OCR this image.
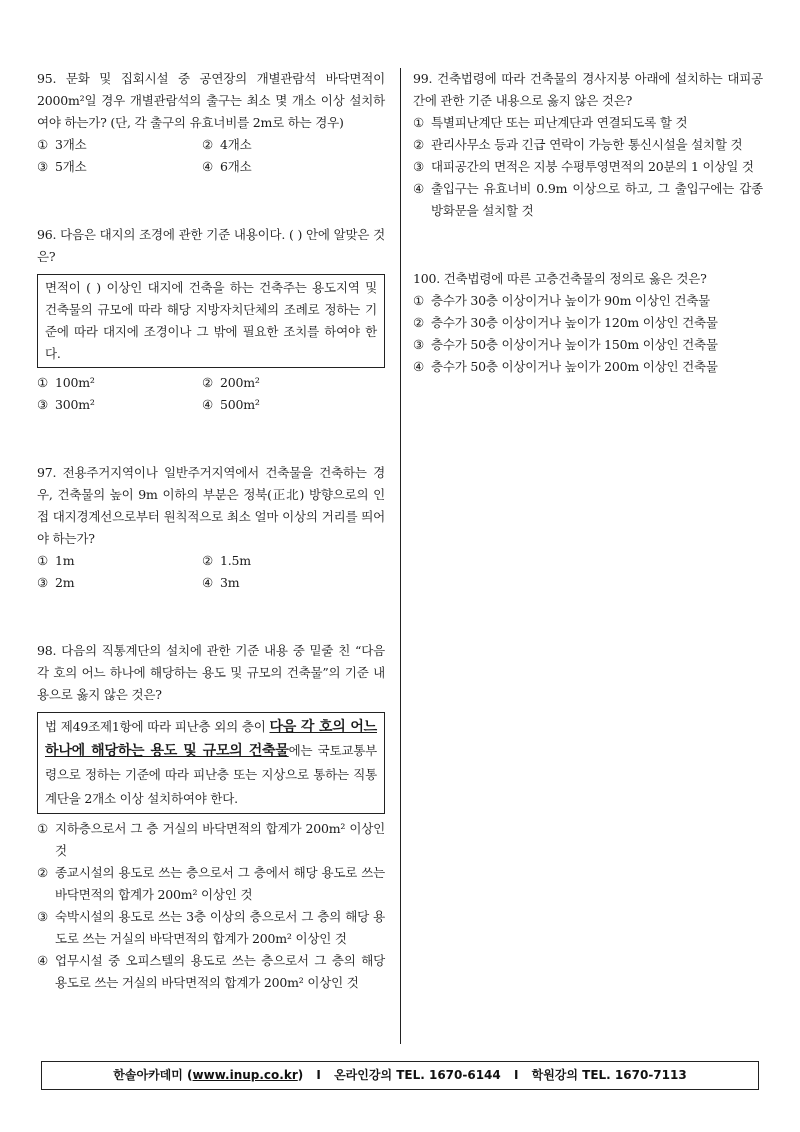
95. 문화 및 집회시설 중 공연장의 개별관람석 바닥면적이 2000m²일 경우 개별관람석의 출구는 최소 몇 개소 이상 설치하여야 하는가? (단, 각 출구의 유효너비를 2m로 하는 경우)

① 3개소	② 4개소
③ 5개소	④ 6개소

96. 다음은 대지의 조경에 관한 기준 내용이다. ( ) 안에 알맞은 것은?

면적이 ( ) 이상인 대지에 건축을 하는 건축주는 용도지역 및 건축물의 규모에 따라 해당 지방자치단체의 조례로 정하는 기준에 따라 대지에 조경이나 그 밖에 필요한 조치를 하여야 한다.
① 100m²	② 200m²
③ 300m²	④ 500m²

97. 전용주거지역이나 일반주거지역에서 건축물을 건축하는 경우, 건축물의 높이 9m 이하의 부분은 정북(正北) 방향으로의 인접 대지경계선으로부터 원칙적으로 최소 얼마 이상의 거리를 띄어야 하는가?

① 1m	② 1.5m
③ 2m	④ 3m

98. 다음의 직통계단의 설치에 관한 기준 내용 중 밑줄 친 “다음 각 호의 어느 하나에 해당하는 용도 및 규모의 건축물”의 기준 내용으로 옳지 않은 것은?

법 제49조제1항에 따라 피난층 외의 층이 다음 각 호의 어느 하나에 해당하는 용도 및 규모의 건축물에는 국토교통부령으로 정하는 기준에 따라 피난층 또는 지상으로 통하는 직통계단을 2개소 이상 설치하여야 한다.
① 지하층으로서 그 층 거실의 바닥면적의 합계가 200m² 이상인 것
② 종교시설의 용도로 쓰는 층으로서 그 층에서 해당 용도로 쓰는 바닥면적의 합계가 200m² 이상인 것
③ 숙박시설의 용도로 쓰는 3층 이상의 층으로서 그 층의 해당 용도로 쓰는 거실의 바닥면적의 합계가 200m² 이상인 것
④ 업무시설 중 오피스텔의 용도로 쓰는 층으로서 그 층의 해당 용도로 쓰는 거실의 바닥면적의 합계가 200m² 이상인 것

99. 건축법령에 따라 건축물의 경사지붕 아래에 설치하는 대피공간에 관한 기준 내용으로 옳지 않은 것은?

① 특별피난계단 또는 피난계단과 연결되도록 할 것
② 관리사무소 등과 긴급 연락이 가능한 통신시설을 설치할 것
③ 대피공간의 면적은 지붕 수평투영면적의 20분의 1 이상일 것
④ 출입구는 유효너비 0.9m 이상으로 하고, 그 출입구에는 갑종방화문을 설치할 것

100. 건축법령에 따른 고층건축물의 정의로 옳은 것은?

① 층수가 30층 이상이거나 높이가 90m 이상인 건축물
② 층수가 30층 이상이거나 높이가 120m 이상인 건축물
③ 층수가 50층 이상이거나 높이가 150m 이상인 건축물
④ 층수가 50층 이상이거나 높이가 200m 이상인 건축물
한솔아카데미 (www.inup.co.kr) I 온라인강의 TEL. 1670-6144 I 학원강의 TEL. 1670-7113
